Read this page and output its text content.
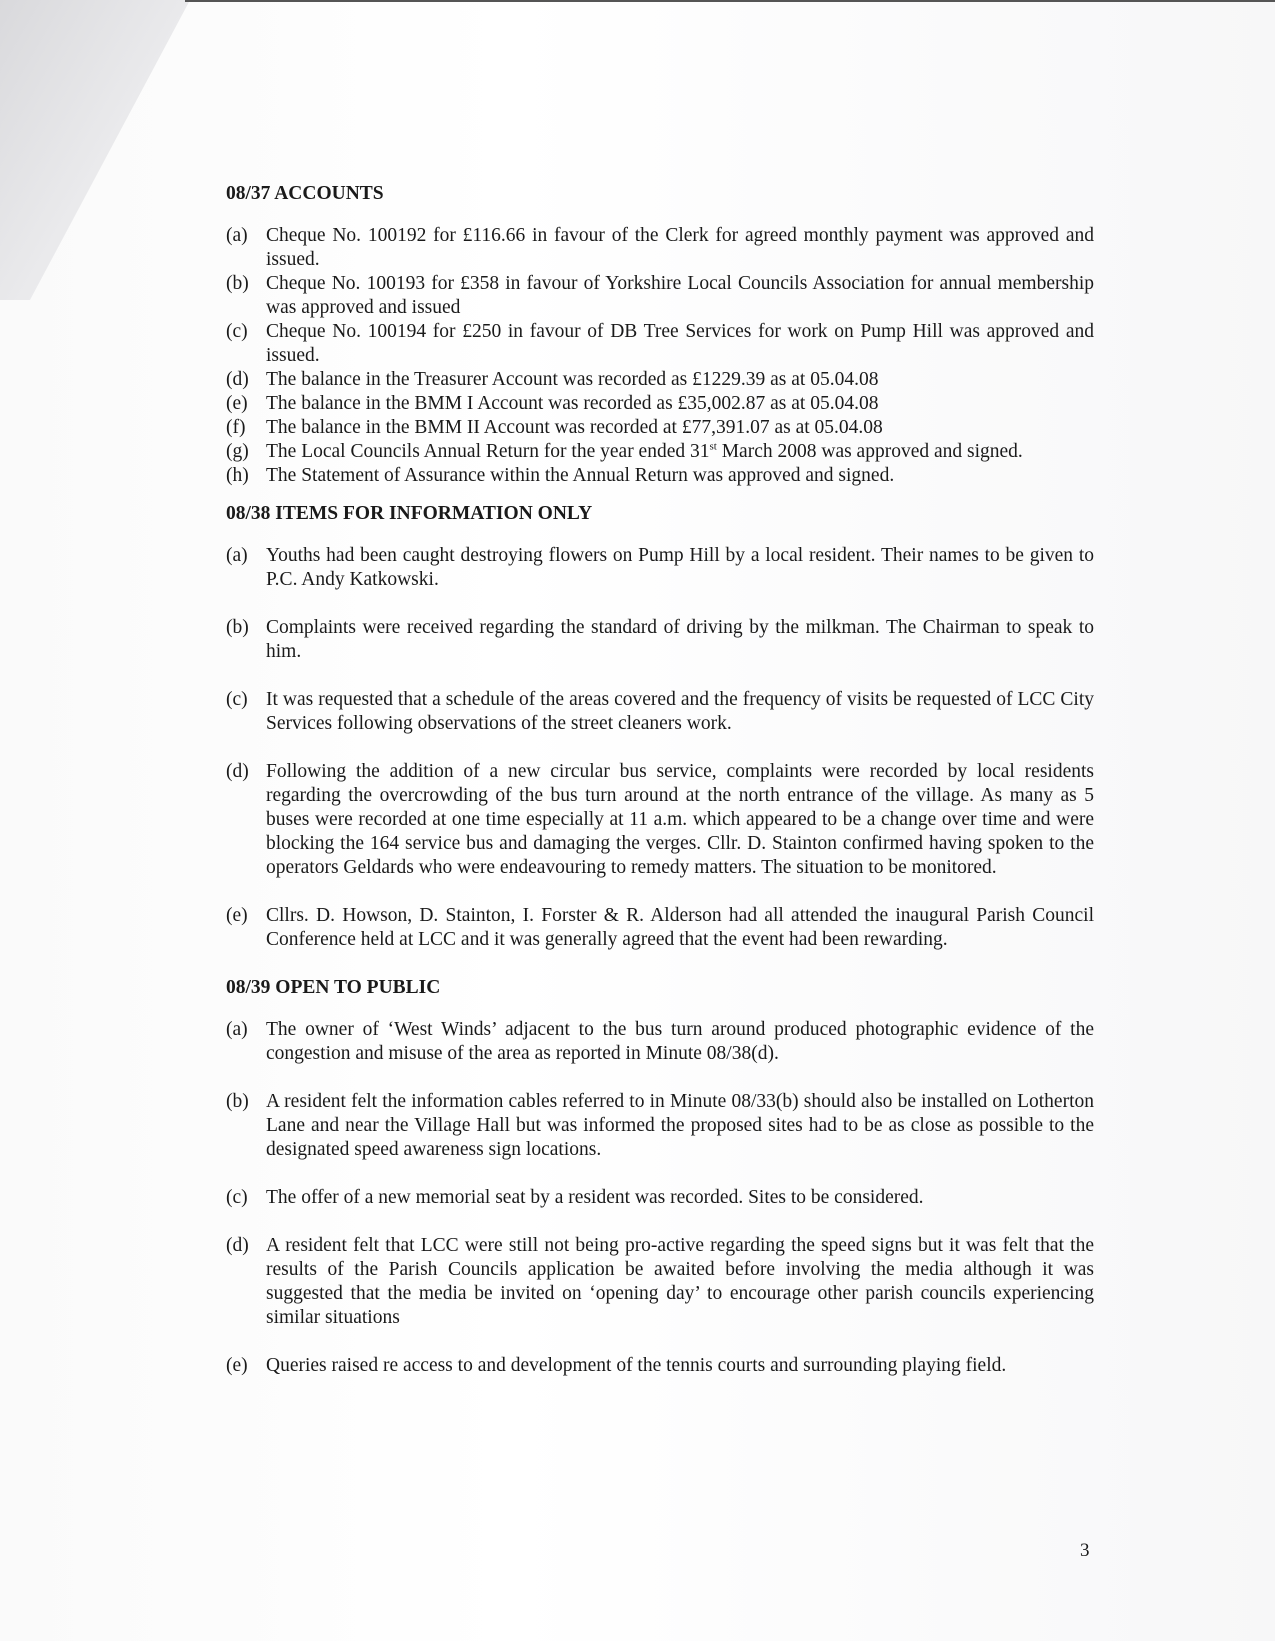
08/37 ACCOUNTS
(a) Cheque No. 100192 for £116.66 in favour of the Clerk for agreed monthly payment was approved and issued.
(b) Cheque No. 100193 for £358 in favour of Yorkshire Local Councils Association for annual membership was approved and issued
(c) Cheque No. 100194 for £250 in favour of DB Tree Services for work on Pump Hill was approved and issued.
(d) The balance in the Treasurer Account was recorded as £1229.39 as at 05.04.08
(e) The balance in the BMM I Account was recorded as £35,002.87 as at 05.04.08
(f)	The balance in the BMM II Account was recorded at £77,391.07 as at 05.04.08
(g) The Local Councils Annual Return for the year ended 31st March 2008 was approved and signed.
(h) The Statement of Assurance within the Annual Return was approved and signed.
08/38 ITEMS FOR INFORMATION ONLY
(a) Youths had been caught destroying flowers on Pump Hill by a local resident. Their names to be given to P.C. Andy Katkowski.
(b) Complaints were received regarding the standard of driving by the milkman. The Chairman to speak to him.
(c) It was requested that a schedule of the areas covered and the frequency of visits be requested of LCC City Services following observations of the street cleaners work.
(d) Following the addition of a new circular bus service, complaints were recorded by local residents regarding the overcrowding of the bus turn around at the north entrance of the village. As many as 5 buses were recorded at one time especially at 11 a.m. which appeared to be a change over time and were blocking the 164 service bus and damaging the verges. Cllr. D. Stainton confirmed having spoken to the operators Geldards who were endeavouring to remedy matters. The situation to be monitored.
(e) Cllrs. D. Howson, D. Stainton, I. Forster & R. Alderson had all attended the inaugural Parish Council Conference held at LCC and it was generally agreed that the event had been rewarding.
08/39 OPEN TO PUBLIC
(a) The owner of ‘West Winds’ adjacent to the bus turn around produced photographic evidence of the congestion and misuse of the area as reported in Minute 08/38(d).
(b) A resident felt the information cables referred to in Minute 08/33(b) should also be installed on Lotherton Lane and near the Village Hall but was informed the proposed sites had to be as close as possible to the designated speed awareness sign locations.
(c) The offer of a new memorial seat by a resident was recorded. Sites to be considered.
(d) A resident felt that LCC were still not being pro-active regarding the speed signs but it was felt that the results of the Parish Councils application be awaited before involving the media although it was suggested that the media be invited on ‘opening day’ to encourage other parish councils experiencing similar situations
(e) Queries raised re access to and development of the tennis courts and surrounding playing field.
3
